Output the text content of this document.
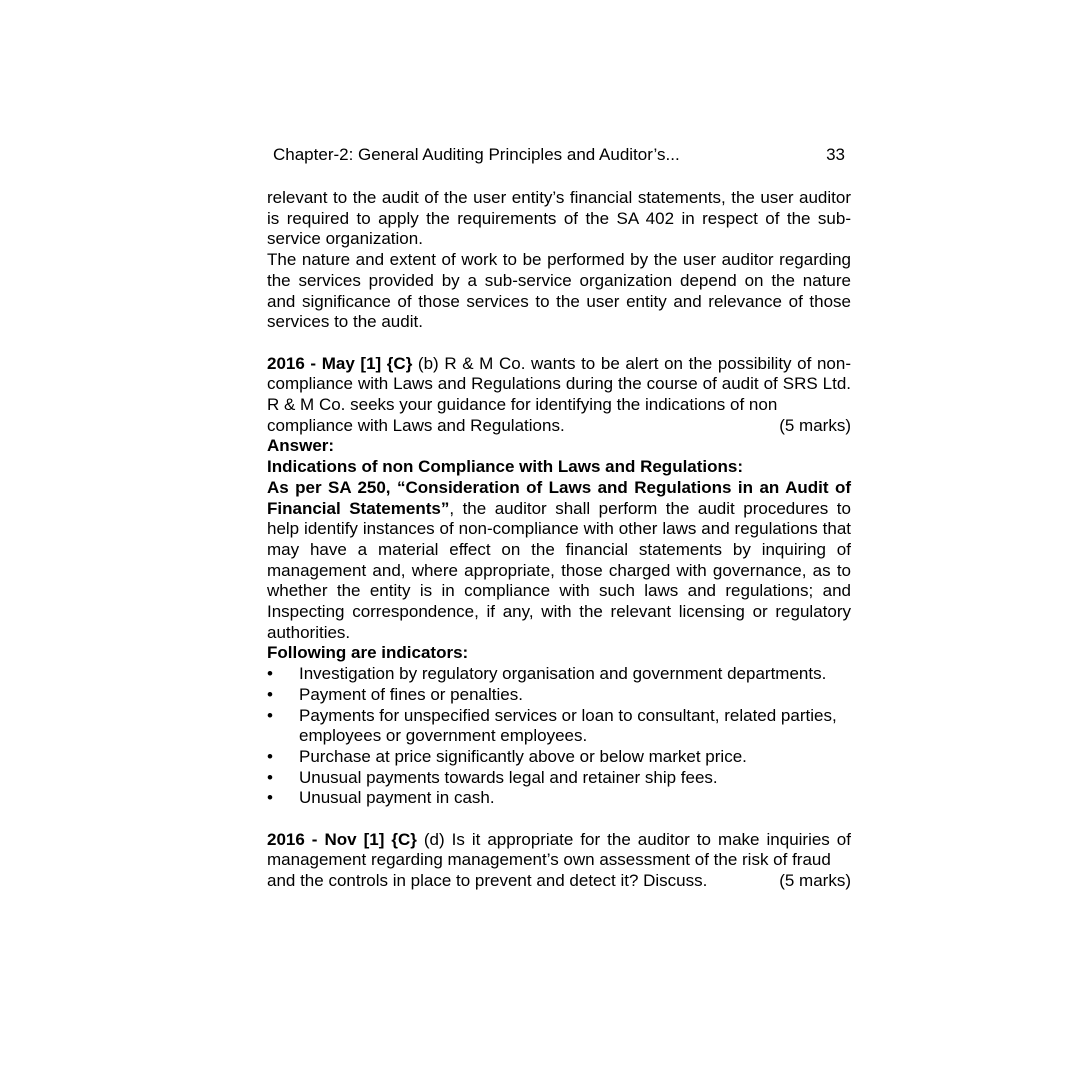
Chapter-2: General Auditing Principles and Auditor’s...	33

relevant to the audit of the user entity’s financial statements, the user auditor is required to apply the requirements of the SA 402 in respect of the sub-service organization.

The nature and extent of work to be performed by the user auditor regarding the services provided by a sub-service organization depend on the nature and significance of those services to the user entity and relevance of those services to the audit.

2016 - May [1] {C} (b) R & M Co. wants to be alert on the possibility of non-compliance with Laws and Regulations during the course of audit of SRS Ltd. R & M Co. seeks your guidance for identifying the indications of non

compliance with Laws and Regulations.	(5 marks)

Answer:

Indications of non Compliance with Laws and Regulations:

As per SA 250, “Consideration of Laws and Regulations in an Audit of Financial Statements”, the auditor shall perform the audit procedures to help identify instances of non-compliance with other laws and regulations that may have a material effect on the financial statements by inquiring of management and, where appropriate, those charged with governance, as to whether the entity is in compliance with such laws and regulations; and Inspecting correspondence, if any, with the relevant licensing or regulatory authorities.

Following are indicators:

• Investigation by regulatory organisation and government departments.
• Payment of fines or penalties.
• Payments for unspecified services or loan to consultant, related parties, employees or government employees.
• Purchase at price significantly above or below market price.
• Unusual payments towards legal and retainer ship fees.
• Unusual payment in cash.

2016 - Nov [1] {C} (d) Is it appropriate for the auditor to make inquiries of management regarding management’s own assessment of the risk of fraud

and the controls in place to prevent and detect it? Discuss.	(5 marks)
